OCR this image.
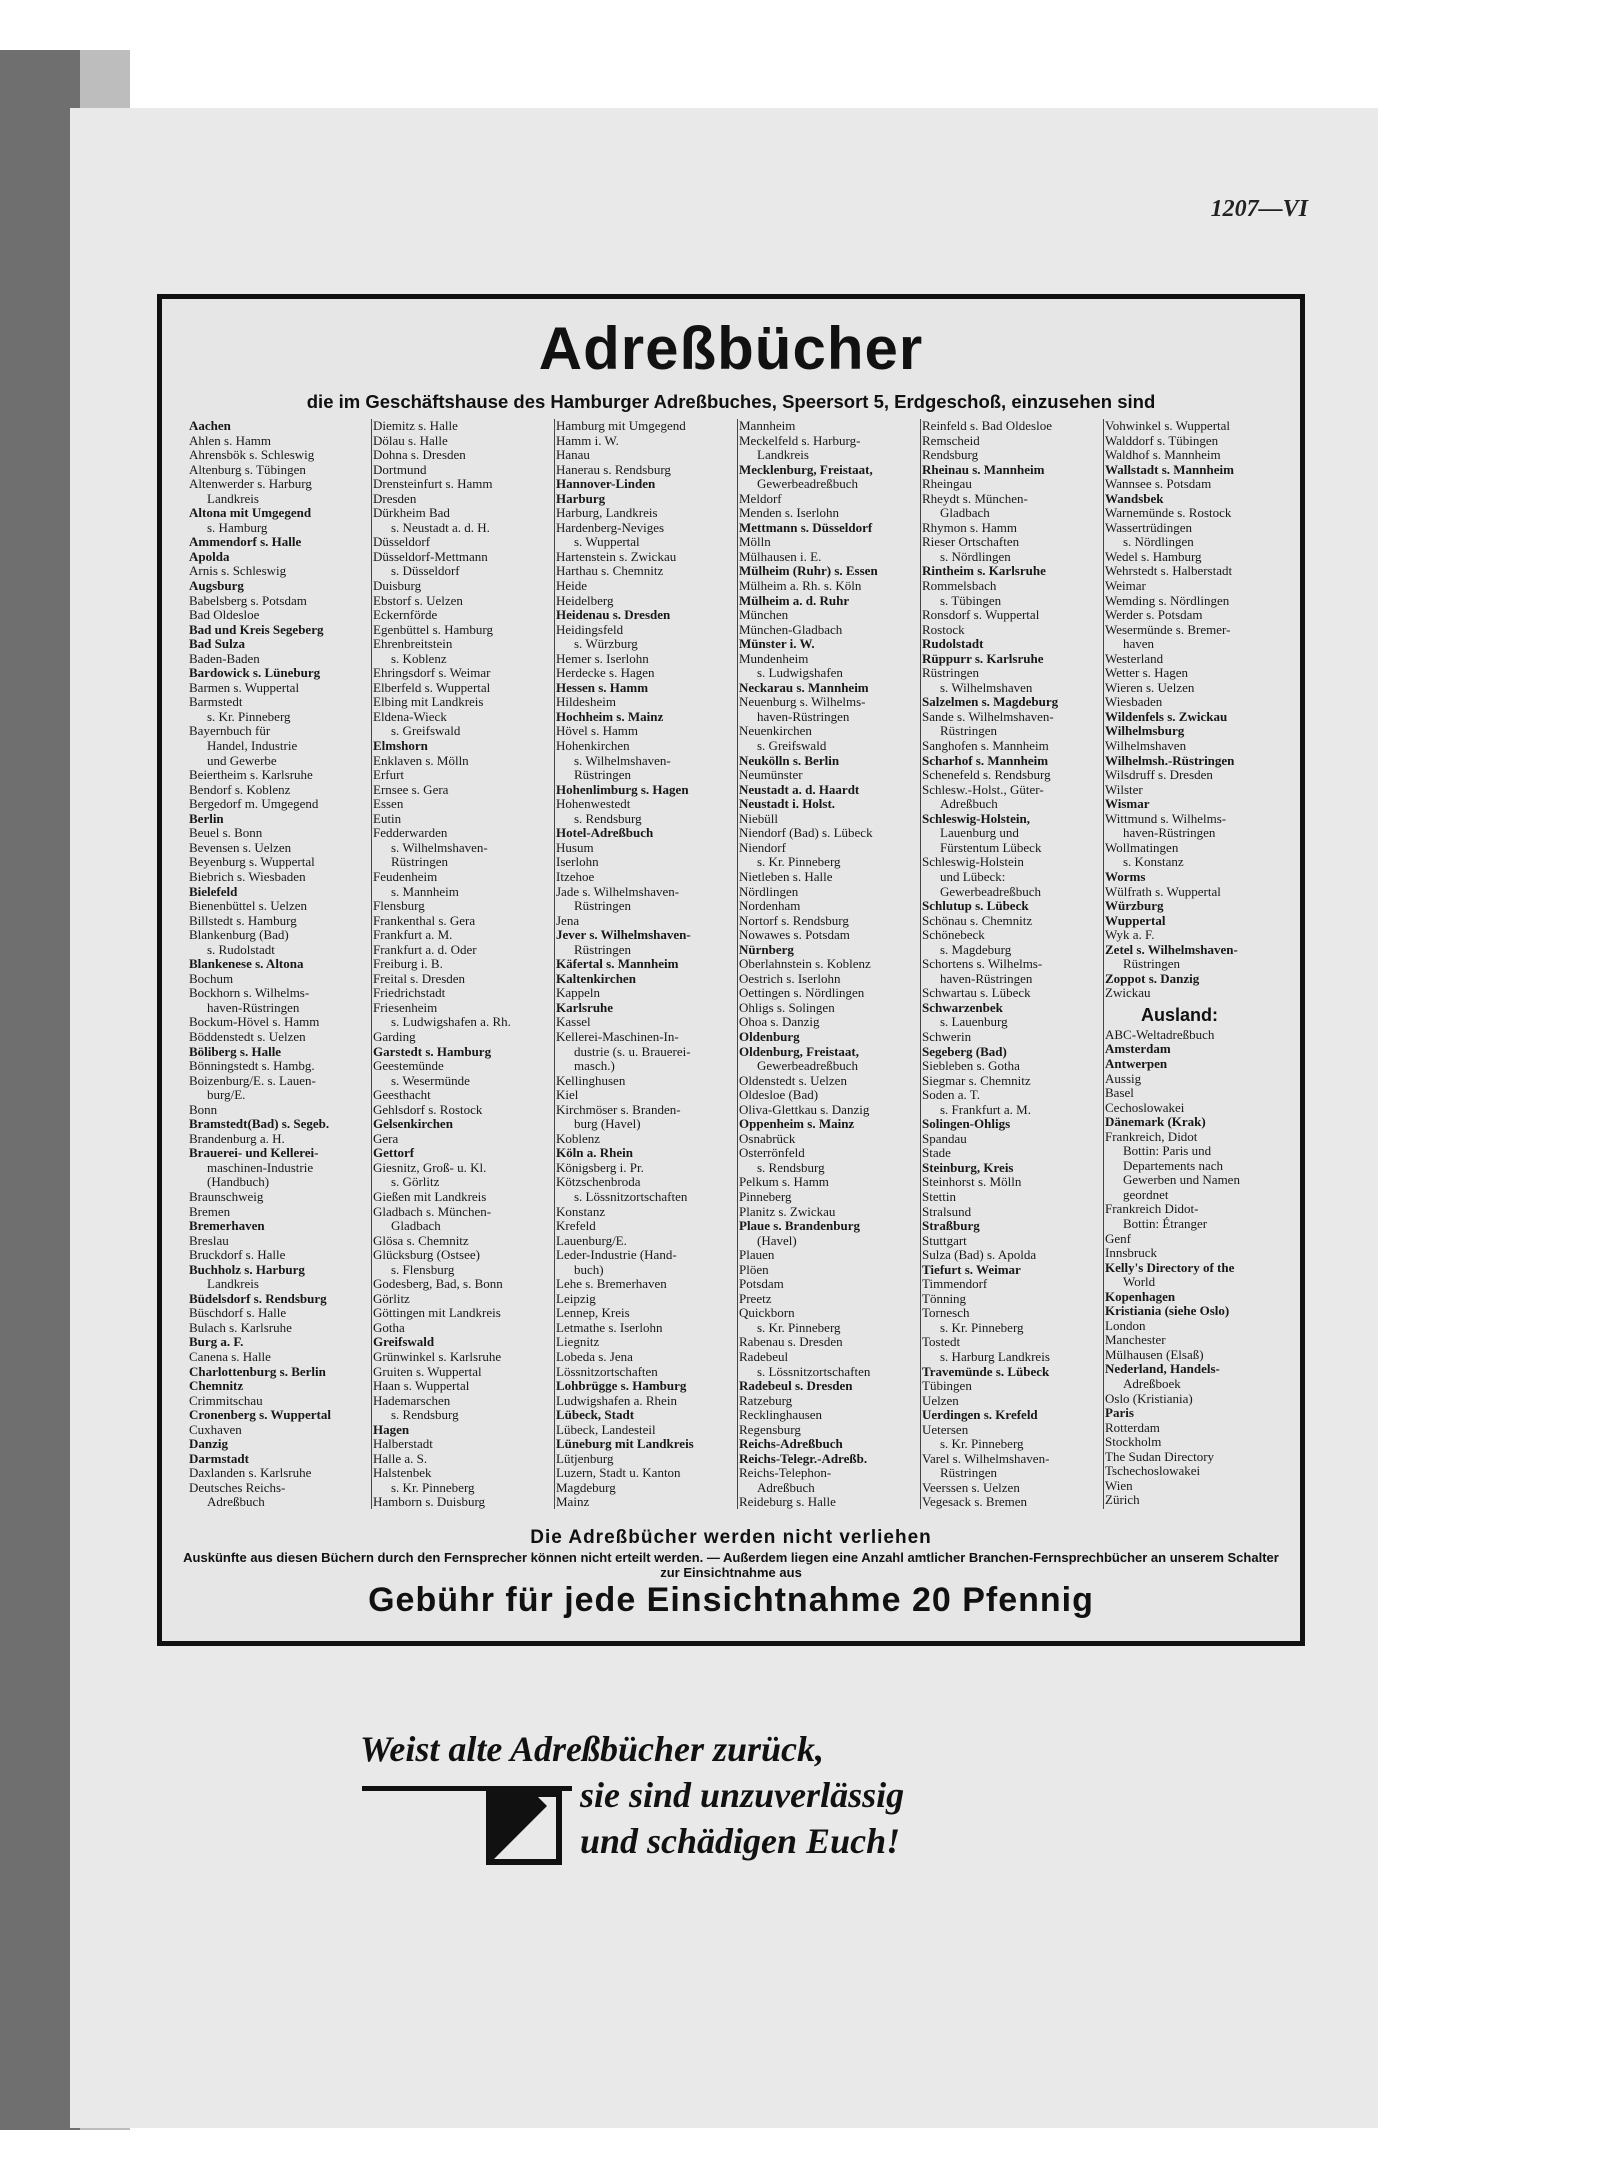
1207—VI
Adreßbücher
die im Geschäftshause des Hamburger Adreßbuches, Speersort 5, Erdgeschoß, einzusehen sind
Aachen
Ahlen s. Hamm
Ahrensbök s. Schleswig
Altenburg s. Tübingen
Altenwerder s. Harburg
Landkreis
Altona mit Umgegend
s. Hamburg
Ammendorf s. Halle
Apolda
Arnis s. Schleswig
Augsburg
Babelsberg s. Potsdam
Bad Oldesloe
Bad und Kreis Segeberg
Bad Sulza
Baden-Baden
Bardowick s. Lüneburg
Barmen s. Wuppertal
Barmstedt
s. Kr. Pinneberg
Bayernbuch für
Handel, Industrie
und Gewerbe
Beiertheim s. Karlsruhe
Bendorf s. Koblenz
Bergedorf m. Umgegend
Berlin
Beuel s. Bonn
Bevensen s. Uelzen
Beyenburg s. Wuppertal
Biebrich s. Wiesbaden
Bielefeld
Bienenbüttel s. Uelzen
Billstedt s. Hamburg
Blankenburg (Bad)
s. Rudolstadt
Blankenese s. Altona
Bochum
Bockhorn s. Wilhelms-
haven-Rüstringen
Bockum-Hövel s. Hamm
Böddenstedt s. Uelzen
Böliberg s. Halle
Bönningstedt s. Hambg.
Boizenburg/E. s. Lauen-
burg/E.
Bonn
Bramstedt(Bad) s. Segeb.
Brandenburg a. H.
Brauerei- und Kellerei-
maschinen-Industrie
(Handbuch)
Braunschweig
Bremen
Bremerhaven
Breslau
Bruckdorf s. Halle
Buchholz s. Harburg
Landkreis
Büdelsdorf s. Rendsburg
Büschdorf s. Halle
Bulach s. Karlsruhe
Burg a. F.
Canena s. Halle
Charlottenburg s. Berlin
Chemnitz
Crimmitschau
Cronenberg s. Wuppertal
Cuxhaven
Danzig
Darmstadt
Daxlanden s. Karlsruhe
Deutsches Reichs-
Adreßbuch
Diemitz s. Halle
Dölau s. Halle
Dohna s. Dresden
Dortmund
Drensteinfurt s. Hamm
Dresden
Dürkheim Bad
s. Neustadt a. d. H.
Düsseldorf
Düsseldorf-Mettmann
s. Düsseldorf
Duisburg
Ebstorf s. Uelzen
Eckernförde
Egenbüttel s. Hamburg
Ehrenbreitstein
s. Koblenz
Ehringsdorf s. Weimar
Elberfeld s. Wuppertal
Elbing mit Landkreis
Eldena-Wieck
s. Greifswald
Elmshorn
Enklaven s. Mölln
Erfurt
Ernsee s. Gera
Essen
Eutin
Fedderwarden
s. Wilhelmshaven-
Rüstringen
Feudenheim
s. Mannheim
Flensburg
Frankenthal s. Gera
Frankfurt a. M.
Frankfurt a. d. Oder
Freiburg i. B.
Freital s. Dresden
Friedrichstadt
Friesenheim
s. Ludwigshafen a. Rh.
Garding
Garstedt s. Hamburg
Geestemünde
s. Wesermünde
Geesthacht
Gehlsdorf s. Rostock
Gelsenkirchen
Gera
Gettorf
Giesnitz, Groß- u. Kl.
s. Görlitz
Gießen mit Landkreis
Gladbach s. München-
Gladbach
Glösa s. Chemnitz
Glücksburg (Ostsee)
s. Flensburg
Godesberg, Bad, s. Bonn
Görlitz
Göttingen mit Landkreis
Gotha
Greifswald
Grünwinkel s. Karlsruhe
Gruiten s. Wuppertal
Haan s. Wuppertal
Hademarschen
s. Rendsburg
Hagen
Halberstadt
Halle a. S.
Halstenbek
s. Kr. Pinneberg
Hamborn s. Duisburg
Hamburg mit Umgegend
Hamm i. W.
Hanau
Hanerau s. Rendsburg
Hannover-Linden
Harburg
Harburg, Landkreis
Hardenberg-Neviges
s. Wuppertal
Hartenstein s. Zwickau
Harthau s. Chemnitz
Heide
Heidelberg
Heidenau s. Dresden
Heidingsfeld
s. Würzburg
Hemer s. Iserlohn
Herdecke s. Hagen
Hessen s. Hamm
Hildesheim
Hochheim s. Mainz
Hövel s. Hamm
Hohenkirchen
s. Wilhelmshaven-
Rüstringen
Hohenlimburg s. Hagen
Hohenwestedt
s. Rendsburg
Hotel-Adreßbuch
Husum
Iserlohn
Itzehoe
Jade s. Wilhelmshaven-
Rüstringen
Jena
Jever s. Wilhelmshaven-
Rüstringen
Käfertal s. Mannheim
Kaltenkirchen
Kappeln
Karlsruhe
Kassel
Kellerei-Maschinen-In-
dustrie (s. u. Brauerei-
masch.)
Kellinghusen
Kiel
Kirchmöser s. Branden-
burg (Havel)
Koblenz
Köln a. Rhein
Königsberg i. Pr.
Kötzschenbroda
s. Lössnitzortschaften
Konstanz
Krefeld
Lauenburg/E.
Leder-Industrie (Hand-
buch)
Lehe s. Bremerhaven
Leipzig
Lennep, Kreis
Letmathe s. Iserlohn
Liegnitz
Lobeda s. Jena
Lössnitzortschaften
Lohbrügge s. Hamburg
Ludwigshafen a. Rhein
Lübeck, Stadt
Lübeck, Landesteil
Lüneburg mit Landkreis
Lütjenburg
Luzern, Stadt u. Kanton
Magdeburg
Mainz
Mannheim
Meckelfeld s. Harburg-
Landkreis
Mecklenburg, Freistaat,
Gewerbeadreßbuch
Meldorf
Menden s. Iserlohn
Mettmann s. Düsseldorf
Mölln
Mülhausen i. E.
Mülheim (Ruhr) s. Essen
Mülheim a. Rh. s. Köln
Mülheim a. d. Ruhr
München
München-Gladbach
Münster i. W.
Mundenheim
s. Ludwigshafen
Neckarau s. Mannheim
Neuenburg s. Wilhelms-
haven-Rüstringen
Neuenkirchen
s. Greifswald
Neukölln s. Berlin
Neumünster
Neustadt a. d. Haardt
Neustadt i. Holst.
Niebüll
Niendorf (Bad) s. Lübeck
Niendorf
s. Kr. Pinneberg
Nietleben s. Halle
Nördlingen
Nordenham
Nortorf s. Rendsburg
Nowawes s. Potsdam
Nürnberg
Oberlahnstein s. Koblenz
Oestrich s. Iserlohn
Oettingen s. Nördlingen
Ohligs s. Solingen
Ohoa s. Danzig
Oldenburg
Oldenburg, Freistaat,
Gewerbeadreßbuch
Oldenstedt s. Uelzen
Oldesloe (Bad)
Oliva-Glettkau s. Danzig
Oppenheim s. Mainz
Osnabrück
Osterrönfeld
s. Rendsburg
Pelkum s. Hamm
Pinneberg
Planitz s. Zwickau
Plaue s. Brandenburg
(Havel)
Plauen
Plöen
Potsdam
Preetz
Quickborn
s. Kr. Pinneberg
Rabenau s. Dresden
Radebeul
s. Lössnitzortschaften
Radebeul s. Dresden
Ratzeburg
Recklinghausen
Regensburg
Reichs-Adreßbuch
Reichs-Telegr.-Adreßb.
Reichs-Telephon-
Adreßbuch
Reideburg s. Halle
Reinfeld s. Bad Oldesloe
Remscheid
Rendsburg
Rheinau s. Mannheim
Rheingau
Rheydt s. München-
Gladbach
Rhymon s. Hamm
Rieser Ortschaften
s. Nördlingen
Rintheim s. Karlsruhe
Rommelsbach
s. Tübingen
Ronsdorf s. Wuppertal
Rostock
Rudolstadt
Rüppurr s. Karlsruhe
Rüstringen
s. Wilhelmshaven
Salzelmen s. Magdeburg
Sande s. Wilhelmshaven-
Rüstringen
Sanghofen s. Mannheim
Scharhof s. Mannheim
Schenefeld s. Rendsburg
Schlesw.-Holst., Güter-
Adreßbuch
Schleswig-Holstein,
Lauenburg und
Fürstentum Lübeck
Schleswig-Holstein
und Lübeck:
Gewerbeadreßbuch
Schlutup s. Lübeck
Schönau s. Chemnitz
Schönebeck
s. Magdeburg
Schortens s. Wilhelms-
haven-Rüstringen
Schwartau s. Lübeck
Schwarzenbek
s. Lauenburg
Schwerin
Segeberg (Bad)
Siebleben s. Gotha
Siegmar s. Chemnitz
Soden a. T.
s. Frankfurt a. M.
Solingen-Ohligs
Spandau
Stade
Steinburg, Kreis
Steinhorst s. Mölln
Stettin
Stralsund
Straßburg
Stuttgart
Sulza (Bad) s. Apolda
Tiefurt s. Weimar
Timmendorf
Tönning
Tornesch
s. Kr. Pinneberg
Tostedt
s. Harburg Landkreis
Travemünde s. Lübeck
Tübingen
Uelzen
Uerdingen s. Krefeld
Uetersen
s. Kr. Pinneberg
Varel s. Wilhelmshaven-
Rüstringen
Veerssen s. Uelzen
Vegesack s. Bremen
Vohwinkel s. Wuppertal
Walddorf s. Tübingen
Waldhof s. Mannheim
Wallstadt s. Mannheim
Wannsee s. Potsdam
Wandsbek
Warnemünde s. Rostock
Wassertrüdingen
s. Nördlingen
Wedel s. Hamburg
Wehrstedt s. Halberstadt
Weimar
Wemding s. Nördlingen
Werder s. Potsdam
Wesermünde s. Bremer-
haven
Westerland
Wetter s. Hagen
Wieren s. Uelzen
Wiesbaden
Wildenfels s. Zwickau
Wilhelmsburg
Wilhelmshaven
Wilhelmsh.-Rüstringen
Wilsdruff s. Dresden
Wilster
Wismar
Wittmund s. Wilhelms-
haven-Rüstringen
Wollmatingen
s. Konstanz
Worms
Wülfrath s. Wuppertal
Würzburg
Wuppertal
Wyk a. F.
Zetel s. Wilhelmshaven-
Rüstringen
Zoppot s. Danzig
Zwickau
Ausland:
ABC-Weltadreßbuch
Amsterdam
Antwerpen
Aussig
Basel
Cechoslowakei
Dänemark (Krak)
Frankreich, Didot
Bottin: Paris und
Departements nach
Gewerben und Namen
geordnet
Frankreich Didot-
Bottin: Étranger
Genf
Innsbruck
Kelly's Directory of the
World
Kopenhagen
Kristiania (siehe Oslo)
London
Manchester
Mülhausen (Elsaß)
Nederland, Handels-
Adreßboek
Oslo (Kristiania)
Paris
Rotterdam
Stockholm
The Sudan Directory
Tschechoslowakei
Wien
Zürich
Die Adreßbücher werden nicht verliehen
Auskünfte aus diesen Büchern durch den Fernsprecher können nicht erteilt werden. — Außerdem liegen eine Anzahl amtlicher Branchen-Fernsprechbücher an unserem Schalter zur Einsichtnahme aus
Gebühr für jede Einsichtnahme 20 Pfennig
Weist alte Adreßbücher zurück,
sie sind unzuverlässig
und schädigen Euch!
